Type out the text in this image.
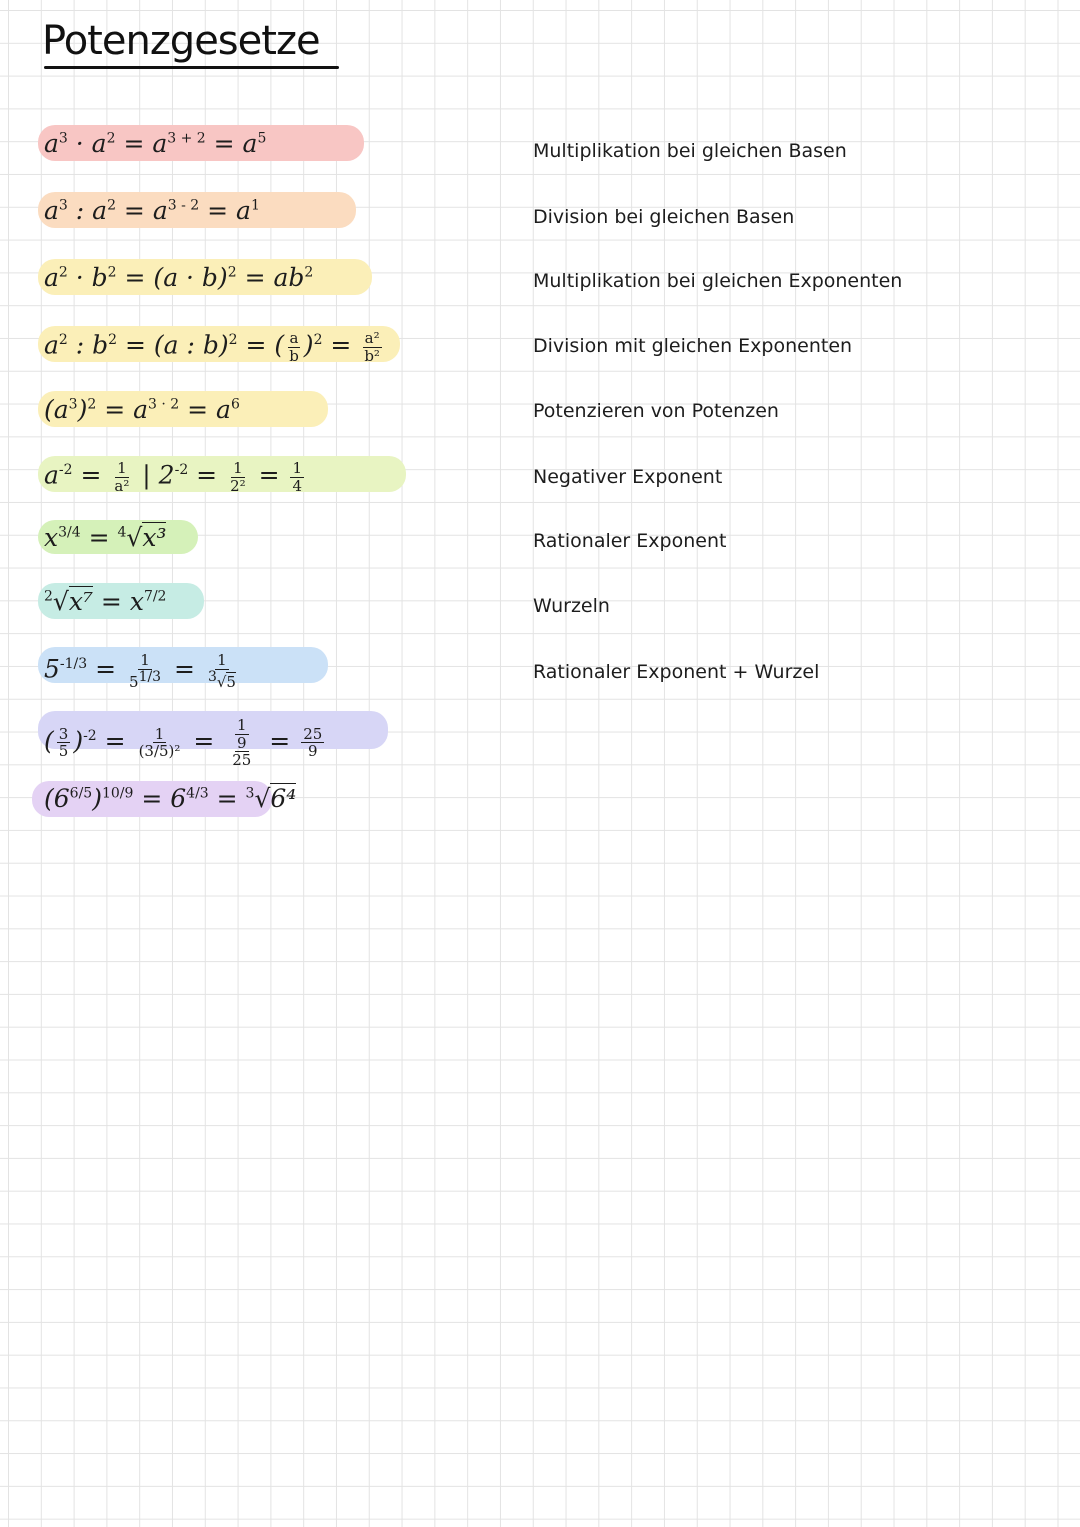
Potenzgesetze
$a^3 \cdot a^2 = a^{3 + 2} = a^5$
$a^3$ : $a^2 = a^{3 - 2} = a^1$
$a^2 \cdot b^2 = (a \cdot b)^2 = ab^2$
$a^2$ : $b^2 = (a$ : b)$^2$ = ( $\frac{a}{b} )^2 = \frac{\text{a²}}{\text{b²}}$
$(a^3)^2 = a^{3 \cdot 2} = a^6$
$a^{-2} = \frac{1}{\text{a²}}$ | $2^{-2} = \frac{1}{\text{2²}} = \frac{1}{4}$
$x^{3/4} = ^4√x^3$
$^2√x^7 = x^{7/2}$
$5^{-1/3} = \frac{1}{5^{1/3}} = \frac{1}{^3√5}$
( $\frac{3}{5} )^{-2} = \frac{1}{\text{(3/5)²}} = \frac{1}{\frac{9}{25}} = \frac{25}{9}$
$(6^{6/5})^{10/9} = 6^{4/3} = ^3√6^4$

Multiplikation bei gleichen Basen

Division bei gleichen Basen

Multiplikation bei gleichen Exponenten

Division mit gleichen Exponenten

Potenzieren von Potenzen

Negativer Exponent

Rationaler Exponent

Wurzeln

Rationaler Exponent + Wurzel
